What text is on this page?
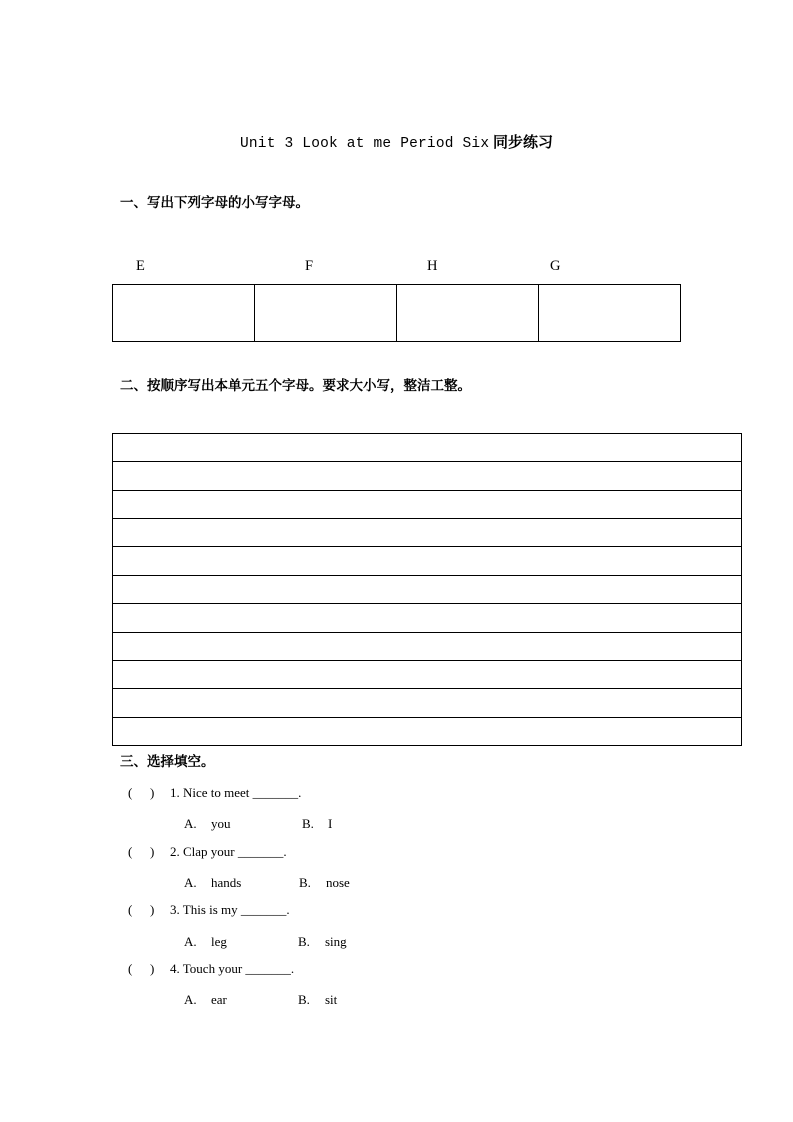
Unit 3 Look at me Period Six 同步练习
一、写出下列字母的小写字母。
E	F	H	G
二、按顺序写出本单元五个字母。要求大小写，整洁工整。
三、选择填空。
( ) 1. Nice to meet _______.
A. you	B. I
( ) 2. Clap your _______.
A. hands	B. nose
( ) 3. This is my _______.
A. leg	B. sing
( ) 4. Touch your _______.
A. ear	B. sit
